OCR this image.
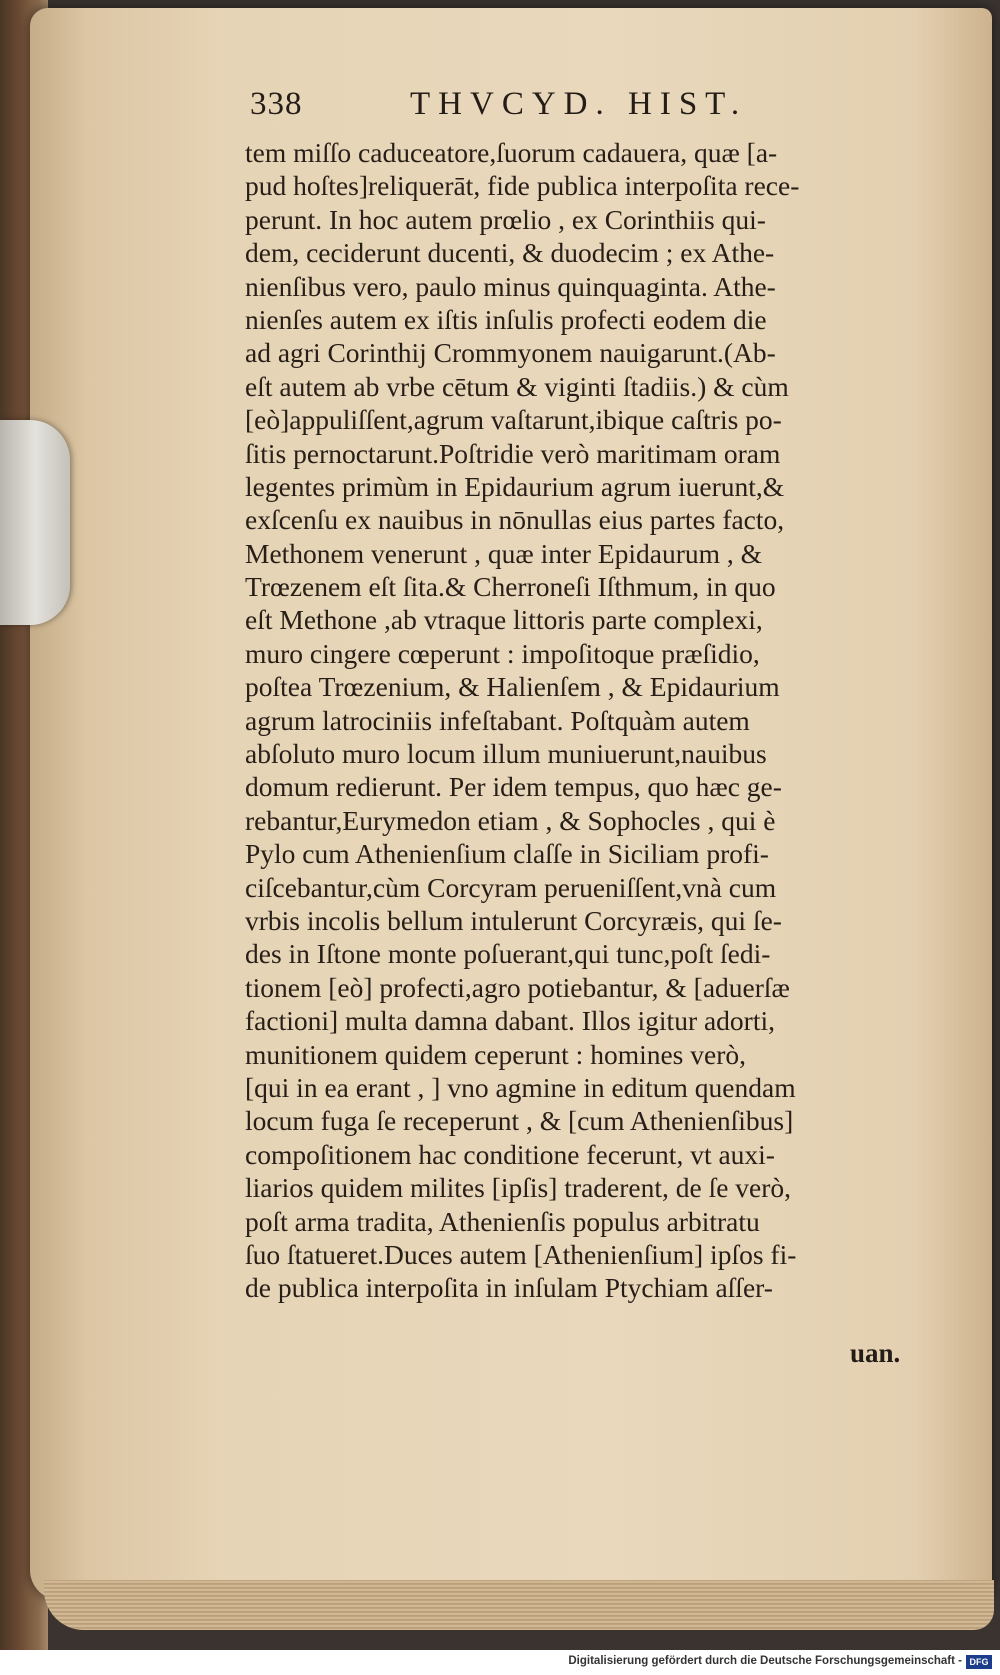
338	THVCYD. HIST.
tem miſſo caduceatore,ſuorum cadauera, quæ [a-
pud hoſtes]reliquerāt, fide publica interpoſita rece-
perunt. In hoc autem prœlio , ex Corinthiis qui-
dem, ceciderunt ducenti, & duodecim ; ex Athe-
nienſibus vero, paulo minus quinquaginta. Athe-
nienſes autem ex iſtis inſulis profecti eodem die
ad agri Corinthij Crommyonem nauigarunt.(Ab-
eſt autem ab vrbe cētum & viginti ſtadiis.) & cùm
[eò]appuliſſent,agrum vaſtarunt,ibique caſtris po-
ſitis pernoctarunt.Poſtridie verò maritimam oram
legentes primùm in Epidaurium agrum iuerunt,&
exſcenſu ex nauibus in nōnullas eius partes facto,
Methonem venerunt , quæ inter Epidaurum , &
Trœzenem eſt ſita.& Cherroneſi Iſthmum, in quo
eſt Methone ,ab vtraque littoris parte complexi,
muro cingere cœperunt : impoſitoque præſidio,
poſtea Trœzenium, & Halienſem , & Epidaurium
agrum latrociniis infeſtabant. Poſtquàm autem
abſoluto muro locum illum muniuerunt,nauibus
domum redierunt. Per idem tempus, quo hæc ge-
rebantur,Eurymedon etiam , & Sophocles , qui è
Pylo cum Athenienſium claſſe in Siciliam profi-
ciſcebantur,cùm Corcyram perueniſſent,vnà cum
vrbis incolis bellum intulerunt Corcyræis, qui ſe-
des in Iſtone monte poſuerant,qui tunc,poſt ſedi-
tionem [eò] profecti,agro potiebantur, & [aduerſæ
factioni] multa damna dabant. Illos igitur adorti,
munitionem quidem ceperunt : homines verò,
[qui in ea erant , ] vno agmine in editum quendam
locum fuga ſe receperunt , & [cum Athenienſibus]
compoſitionem hac conditione fecerunt, vt auxi-
liarios quidem milites [ipſis] traderent, de ſe verò,
poſt arma tradita, Athenienſis populus arbitratu
ſuo ſtatueret.Duces autem [Athenienſium] ipſos fi-
de publica interpoſita in inſulam Ptychiam aſſer-
uan.
Digitalisierung gefördert durch die Deutsche Forschungsgemeinschaft - DFG
